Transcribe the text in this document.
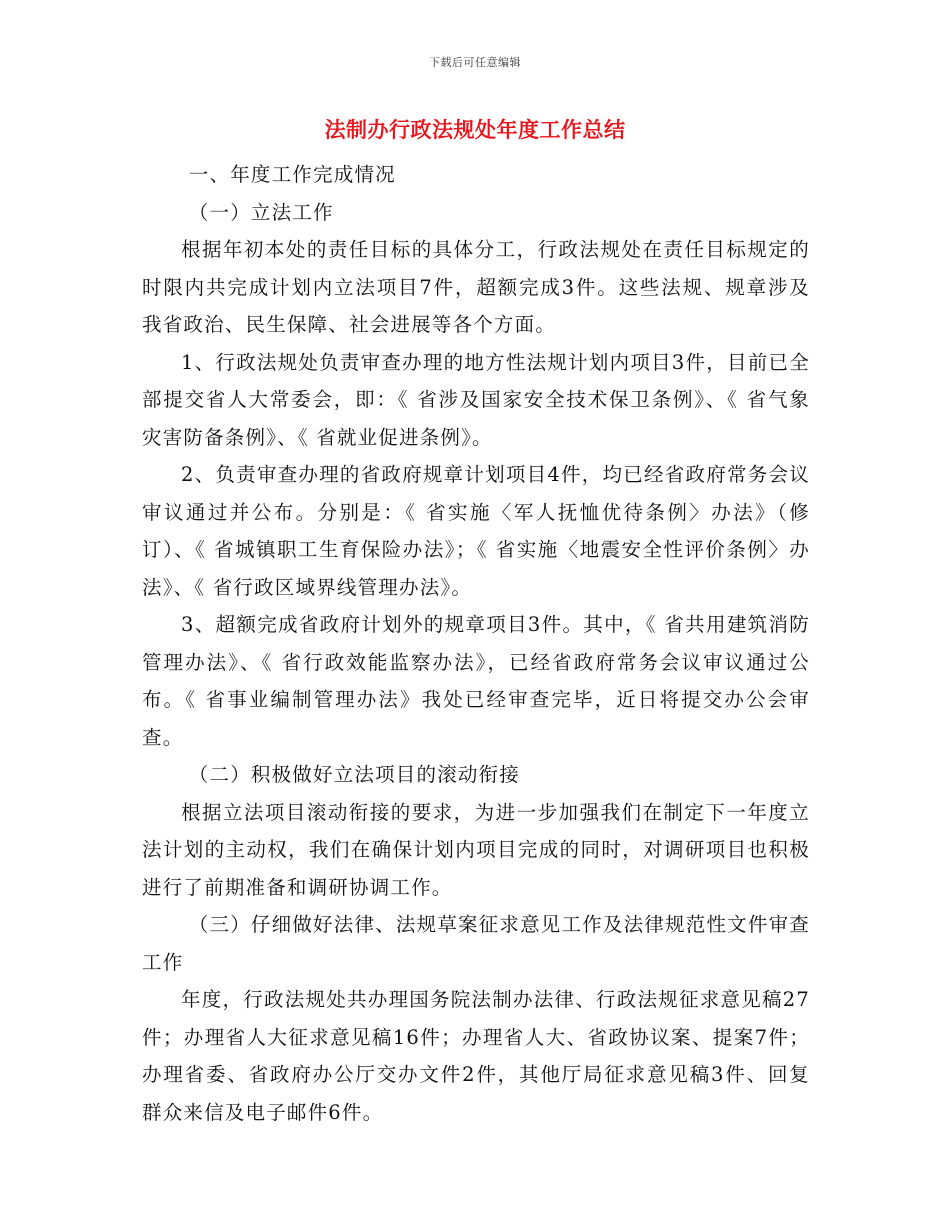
下载后可任意编辑
法制办行政法规处年度工作总结

一、年度工作完成情况

（一）立法工作

根据年初本处的责任目标的具体分工，行政法规处在责任目标规定的时限内共完成计划内立法项目7件，超额完成3件。这些法规、规章涉及我省政治、民生保障、社会进展等各个方面。

1、行政法规处负责审查办理的地方性法规计划内项目3件，目前已全部提交省人大常委会，即：《 省涉及国家安全技术保卫条例》、《 省气象灾害防备条例》、《 省就业促进条例》。

2、负责审查办理的省政府规章计划项目4件，均已经省政府常务会议审议通过并公布。分别是：《 省实施〈军人抚恤优待条例〉办法》（修订）、《 省城镇职工生育保险办法》；《 省实施〈地震安全性评价条例〉办法》、《 省行政区域界线管理办法》。

3、超额完成省政府计划外的规章项目3件。其中，《 省共用建筑消防管理办法》、《 省行政效能监察办法》，已经省政府常务会议审议通过公布。《 省事业编制管理办法》我处已经审查完毕，近日将提交办公会审查。

（二）积极做好立法项目的滚动衔接

根据立法项目滚动衔接的要求，为进一步加强我们在制定下一年度立法计划的主动权，我们在确保计划内项目完成的同时，对调研项目也积极进行了前期准备和调研协调工作。

（三）仔细做好法律、法规草案征求意见工作及法律规范性文件审查工作

年度，行政法规处共办理国务院法制办法律、行政法规征求意见稿27件；办理省人大征求意见稿16件；办理省人大、省政协议案、提案7件；办理省委、省政府办公厅交办文件2件，其他厅局征求意见稿3件、回复群众来信及电子邮件6件。
